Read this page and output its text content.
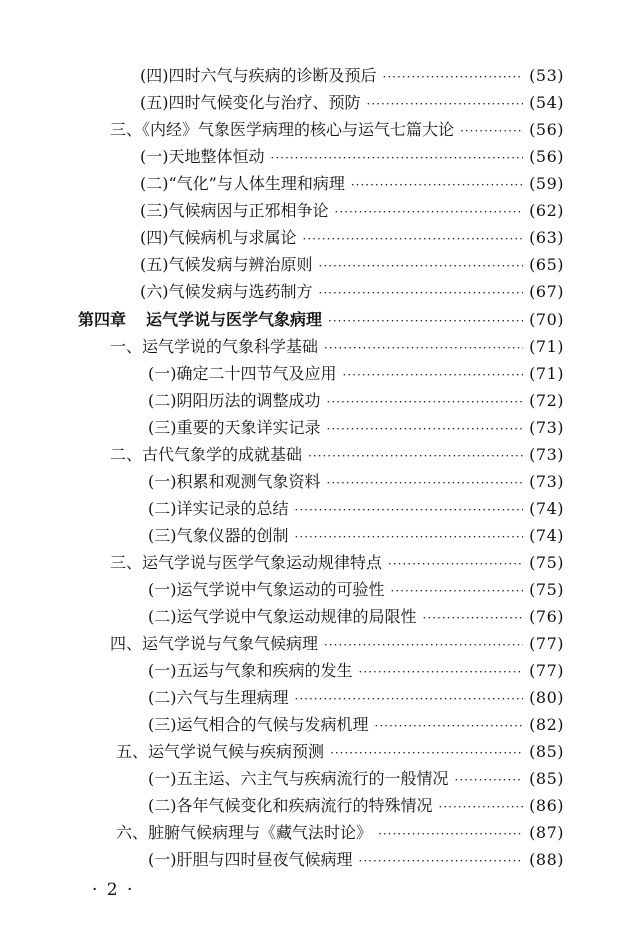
(四)四时六气与疾病的诊断及预后 ·····	(53)
(五)四时气候变化与治疗、预防 ·····	(54)
三、《内经》气象医学病理的核心与运气七篇大论 ·····	(56)
(一)天地整体恒动 ·····	(56)
(二)“气化”与人体生理和病理 ·····	(59)
(三)气候病因与正邪相争论 ·····	(62)
(四)气候病机与求属论 ·····	(63)
(五)气候发病与辨治原则 ·····	(65)
(六)气候发病与选药制方 ·····	(67)
第四章 运气学说与医学气象病理 ·····	(70)
一、运气学说的气象科学基础 ·····	(71)
(一)确定二十四节气及应用 ·····	(71)
(二)阴阳历法的调整成功 ·····	(72)
(三)重要的天象详实记录 ·····	(73)
二、古代气象学的成就基础 ·····	(73)
(一)积累和观测气象资料 ·····	(73)
(二)详实记录的总结 ·····	(74)
(三)气象仪器的创制 ·····	(74)
三、运气学说与医学气象运动规律特点 ·····	(75)
(一)运气学说中气象运动的可验性 ·····	(75)
(二)运气学说中气象运动规律的局限性 ·····	(76)
四、运气学说与气象气候病理 ·····	(77)
(一)五运与气象和疾病的发生 ·····	(77)
(二)六气与生理病理 ·····	(80)
(三)运气相合的气候与发病机理 ·····	(82)
五、运气学说气候与疾病预测 ·····	(85)
(一)五主运、六主气与疾病流行的一般情况 ·····	(85)
(二)各年气候变化和疾病流行的特殊情况 ·····	(86)
六、脏腑气候病理与《藏气法时论》 ·····	(87)
(一)肝胆与四时昼夜气候病理 ·····	(88)
· 2 ·
